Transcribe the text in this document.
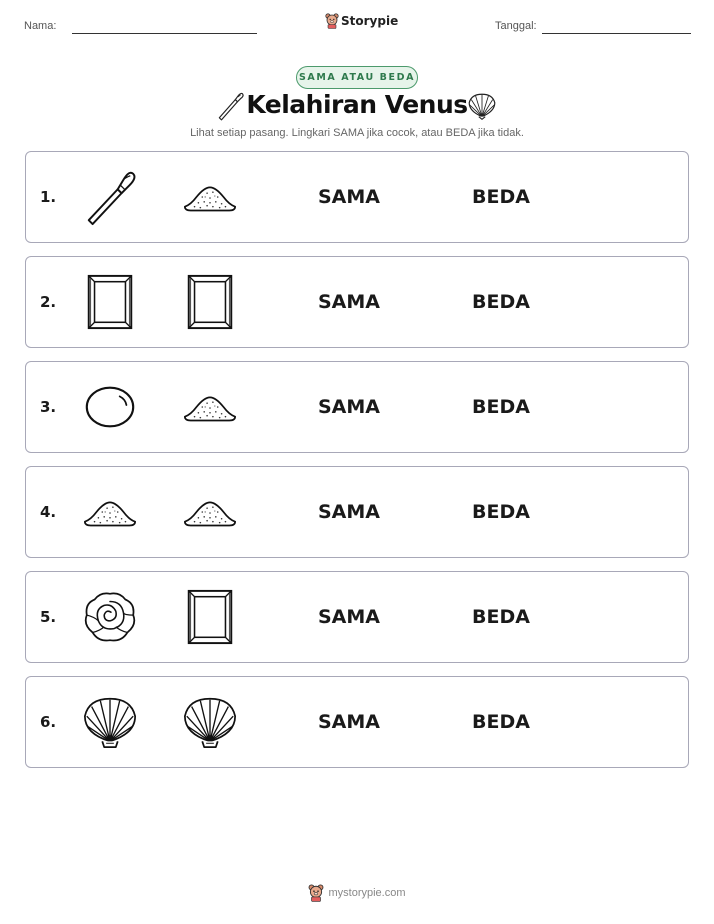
Nama:	Storypie	Tanggal:
SAMA ATAU BEDA
Kelahiran Venus
Lihat setiap pasang. Lingkari SAMA jika cocok, atau BEDA jika tidak.
1.	SAMA	BEDA
2.	SAMA	BEDA
3.	SAMA	BEDA
4.	SAMA	BEDA
5.	SAMA	BEDA
6.	SAMA	BEDA
mystorypie.com
